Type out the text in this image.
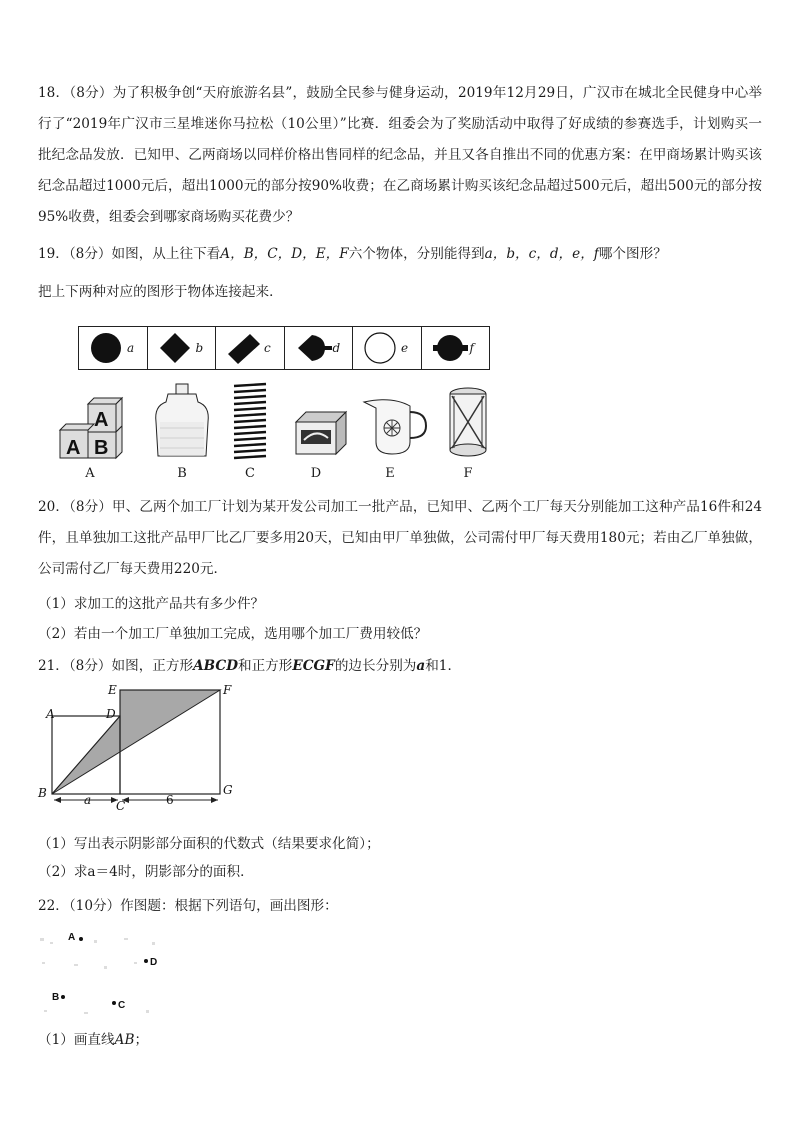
18．（8分）为了积极争创“天府旅游名县”，鼓励全民参与健身运动，2019年12月29日，广汉市在城北全民健身中心举行了“2019年广汉市三星堆迷你马拉松（10公里）”比赛．组委会为了奖励活动中取得了好成绩的参赛选手，计划购买一批纪念品发放．已知甲、乙两商场以同样价格出售同样的纪念品，并且又各自推出不同的优惠方案：在甲商场累计购买该纪念品超过1000元后，超出1000元的部分按90%收费；在乙商场累计购买该纪念品超过500元后，超出500元的部分按95%收费，组委会到哪家商场购买花费少？
19．（8分）如图，从上往下看A，B，C，D，E，F六个物体，分别能得到a，b，c，d，e，f哪个图形？
把上下两种对应的图形于物体连接起来．
a	b	c	d	e	f
A
A B
A	B	C	D	E	F
20．（8分）甲、乙两个加工厂计划为某开发公司加工一批产品，已知甲、乙两个工厂每天分别能加工这种产品16件和24件，且单独加工这批产品甲厂比乙厂要多用20天，已知由甲厂单独做，公司需付甲厂每天费用180元；若由乙厂单独做，公司需付乙厂每天费用220元．
（1）求加工的这批产品共有多少件？
（2）若由一个加工厂单独加工完成，选用哪个加工厂费用较低？
21．（8分）如图，正方形ABCD和正方形ECGF的边长分别为a和1．
E	F
A	D
B
C
G
a	6
（1）写出表示阴影部分面积的代数式（结果要求化简）；
（2）求a＝4时，阴影部分的面积．
22．（10分）作图题：根据下列语句，画出图形：
A
D
B
C
（1）画直线AB；
